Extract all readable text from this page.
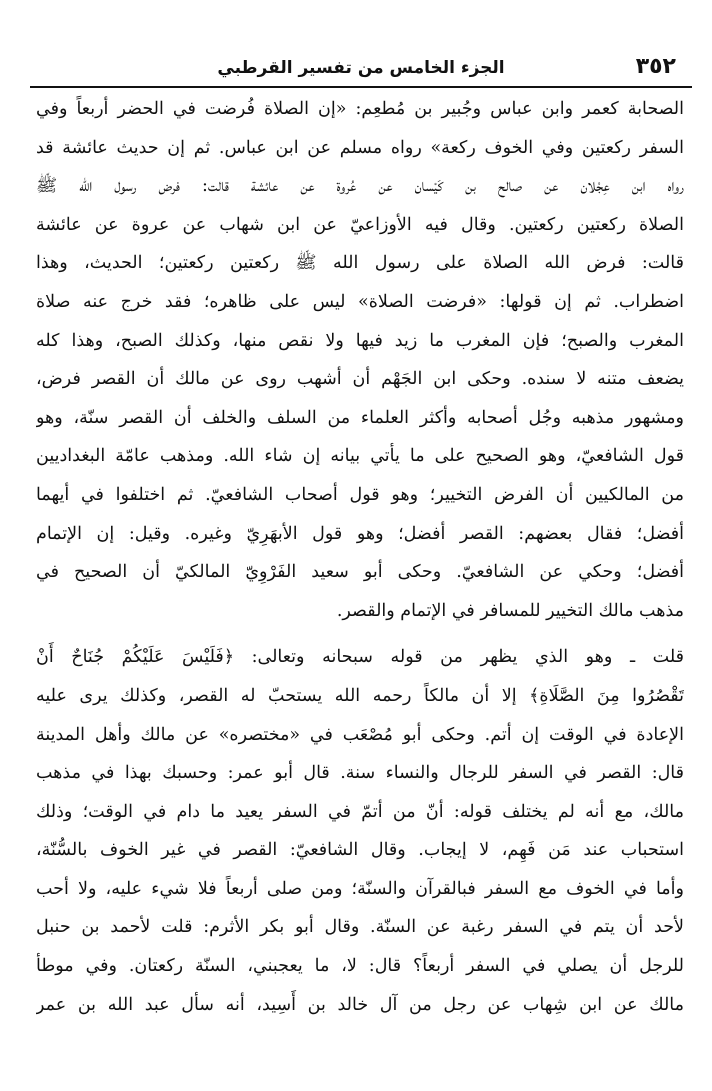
٣٥٢
الجزء الخامس من تفسير القرطبي
الصحابة كعمر وابن عباس وجُبير بن مُطعِم: «إن الصلاة فُرضت في الحضر أربعاً وفي
السفر ركعتين وفي الخوف ركعة» رواه مسلم عن ابن عباس. ثم إن حديث عائشة قد
رواه ابن عِجْلان عن صالح بن كَيْسان عن عُروة عن عائشة قالت: فرض رسول الله ﷺ
الصلاة ركعتين ركعتين. وقال فيه الأوزاعيّ عن ابن شهاب عن عروة عن عائشة
قالت: فرض الله الصلاة على رسول الله ﷺ ركعتين ركعتين؛ الحديث، وهذا
اضطراب. ثم إن قولها: «فرضت الصلاة» ليس على ظاهره؛ فقد خرج عنه صلاة
المغرب والصبح؛ فإن المغرب ما زيد فيها ولا نقص منها، وكذلك الصبح، وهذا كله
يضعف متنه لا سنده. وحكى ابن الجَهْم أن أشهب روى عن مالك أن القصر فرض،
ومشهور مذهبه وجُل أصحابه وأكثر العلماء من السلف والخلف أن القصر سنّة، وهو
قول الشافعيّ، وهو الصحيح على ما يأتي بيانه إن شاء الله. ومذهب عامّة البغداديين
من المالكيين أن الفرض التخيير؛ وهو قول أصحاب الشافعيّ. ثم اختلفوا في أيهما
أفضل؛ فقال بعضهم: القصر أفضل؛ وهو قول الأبهَرِيّ وغيره. وقيل: إن الإتمام
أفضل؛ وحكي عن الشافعيّ. وحكى أبو سعيد الفَرْوِيّ المالكيّ أن الصحيح في
مذهب مالك التخيير للمسافر في الإتمام والقصر.
قلت ـ وهو الذي يظهر من قوله سبحانه وتعالى: ﴿فَلَيْسَ عَلَيْكُمْ جُنَاحٌ أَنْ
تَقْصُرُوا مِنَ الصَّلَاةِ﴾ إلا أن مالكاً رحمه الله يستحبّ له القصر، وكذلك يرى عليه
الإعادة في الوقت إن أتم. وحكى أبو مُصْعَب في «مختصره» عن مالك وأهل المدينة
قال: القصر في السفر للرجال والنساء سنة. قال أبو عمر: وحسبك بهذا في مذهب
مالك، مع أنه لم يختلف قوله: أنّ من أتمّ في السفر يعيد ما دام في الوقت؛ وذلك
استحباب عند مَن فَهِم، لا إيجاب. وقال الشافعيّ: القصر في غير الخوف بالسُّنّة،
وأما في الخوف مع السفر فبالقرآن والسنّة؛ ومن صلى أربعاً فلا شيء عليه، ولا أحب
لأحد أن يتم في السفر رغبة عن السنّة. وقال أبو بكر الأثرم: قلت لأحمد بن حنبل
للرجل أن يصلي في السفر أربعاً؟ قال: لا، ما يعجبني، السنّة ركعتان. وفي موطأ
مالك عن ابن شِهاب عن رجل من آل خالد بن أَسِيد، أنه سأل عبد الله بن عمر
